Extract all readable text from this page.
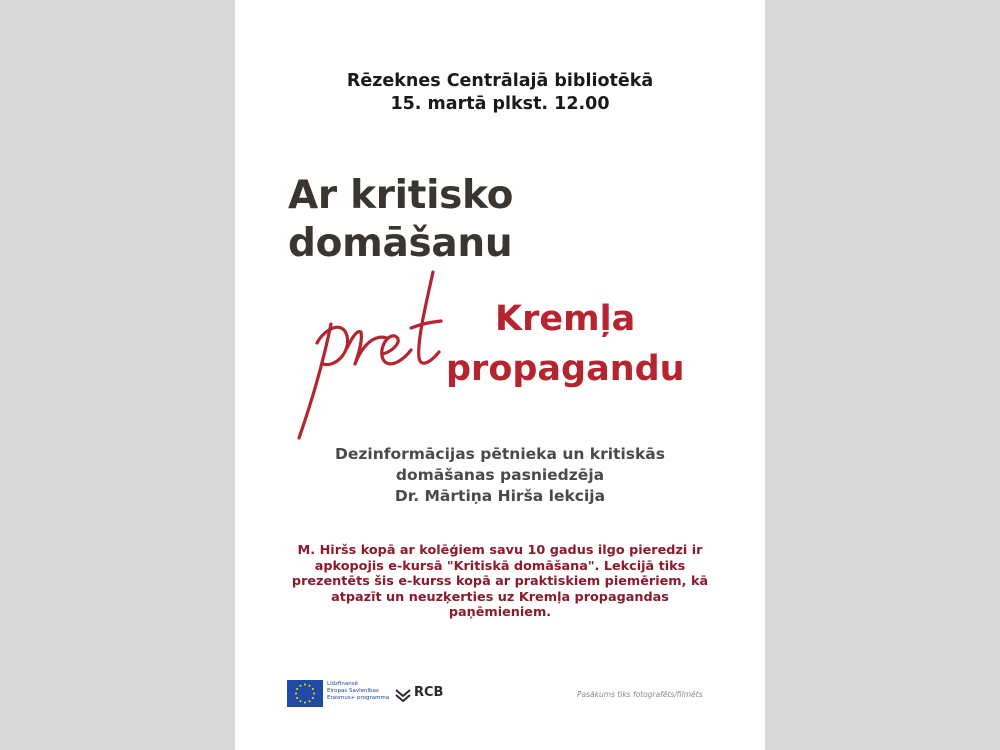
Rēzeknes Centrālajā bibliotēkā
15. martā plkst. 12.00
Ar kritisko
domāšanu
pret
Kremļa
propagandu
Dezinformācijas pētnieka un kritiskās
domāšanas pasniedzēja
Dr. Mārtiņa Hirša lekcija
M. Hiršs kopā ar kolēģiem savu 10 gadus ilgo pieredzi ir
apkopojis e-kursā "Kritiskā domāšana". Lekcijā tiks
prezentēts šis e-kurss kopā ar praktiskiem piemēriem, kā
atpazīt un neuzķerties uz Kremļa propagandas
paņēmieniem.
Līdzfinansē
Eiropas Savienības
Erasmus+ programma RCB	Pasākums tiks fotografēts/filmēts
